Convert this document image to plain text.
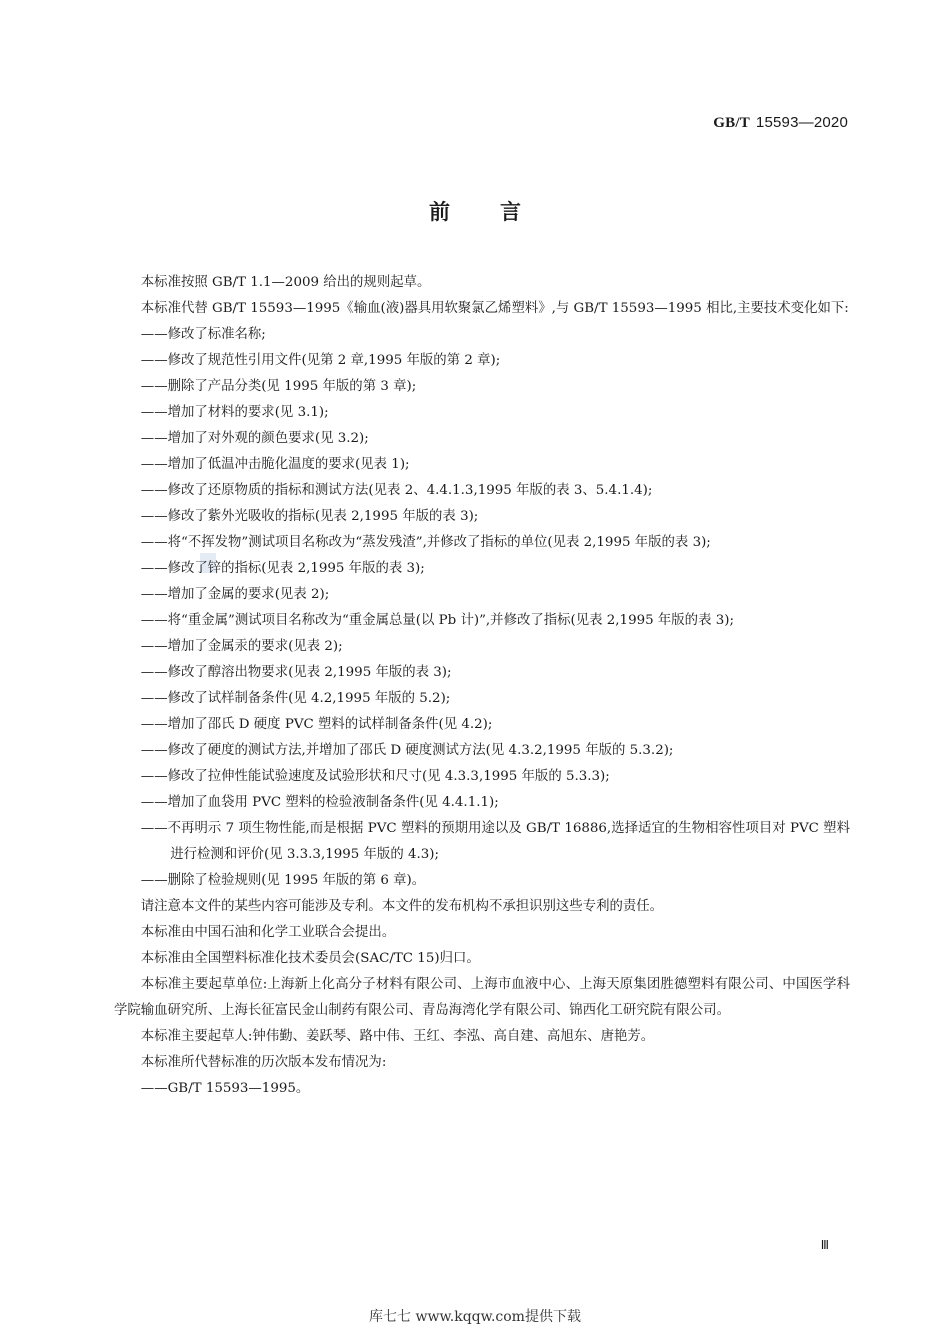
GB/T 15593—2020
前言

本标准按照 GB/T 1.1—2009 给出的规则起草。

本标准代替 GB/T 15593—1995《输血(液)器具用软聚氯乙烯塑料》,与 GB/T 15593—1995 相比,主要技术变化如下:

——修改了标准名称;

——修改了规范性引用文件(见第 2 章,1995 年版的第 2 章);

——删除了产品分类(见 1995 年版的第 3 章);

——增加了材料的要求(见 3.1);

——增加了对外观的颜色要求(见 3.2);

——增加了低温冲击脆化温度的要求(见表 1);

——修改了还原物质的指标和测试方法(见表 2、4.4.1.3,1995 年版的表 3、5.4.1.4);

——修改了紫外光吸收的指标(见表 2,1995 年版的表 3);

——将“不挥发物”测试项目名称改为“蒸发残渣”,并修改了指标的单位(见表 2,1995 年版的表 3);

——修改了锌的指标(见表 2,1995 年版的表 3);

——增加了金属的要求(见表 2);

——将“重金属”测试项目名称改为“重金属总量(以 Pb 计)”,并修改了指标(见表 2,1995 年版的表 3);

——增加了金属汞的要求(见表 2);

——修改了醇溶出物要求(见表 2,1995 年版的表 3);

——修改了试样制备条件(见 4.2,1995 年版的 5.2);

——增加了邵氏 D 硬度 PVC 塑料的试样制备条件(见 4.2);

——修改了硬度的测试方法,并增加了邵氏 D 硬度测试方法(见 4.3.2,1995 年版的 5.3.2);

——修改了拉伸性能试验速度及试验形状和尺寸(见 4.3.3,1995 年版的 5.3.3);

——增加了血袋用 PVC 塑料的检验液制备条件(见 4.4.1.1);

——不再明示 7 项生物性能,而是根据 PVC 塑料的预期用途以及 GB/T 16886,选择适宜的生物相容性项目对 PVC 塑料进行检测和评价(见 3.3.3,1995 年版的 4.3);

——删除了检验规则(见 1995 年版的第 6 章)。

请注意本文件的某些内容可能涉及专利。本文件的发布机构不承担识别这些专利的责任。

本标准由中国石油和化学工业联合会提出。

本标准由全国塑料标准化技术委员会(SAC/TC 15)归口。

本标准主要起草单位:上海新上化高分子材料有限公司、上海市血液中心、上海天原集团胜德塑料有限公司、中国医学科学院输血研究所、上海长征富民金山制药有限公司、青岛海湾化学有限公司、锦西化工研究院有限公司。

本标准主要起草人:钟伟勤、姜跃琴、路中伟、王红、李泓、高自建、高旭东、唐艳芳。

本标准所代替标准的历次版本发布情况为:

——GB/T 15593—1995。

Ⅲ
库七七 www.kqqw.com提供下载
